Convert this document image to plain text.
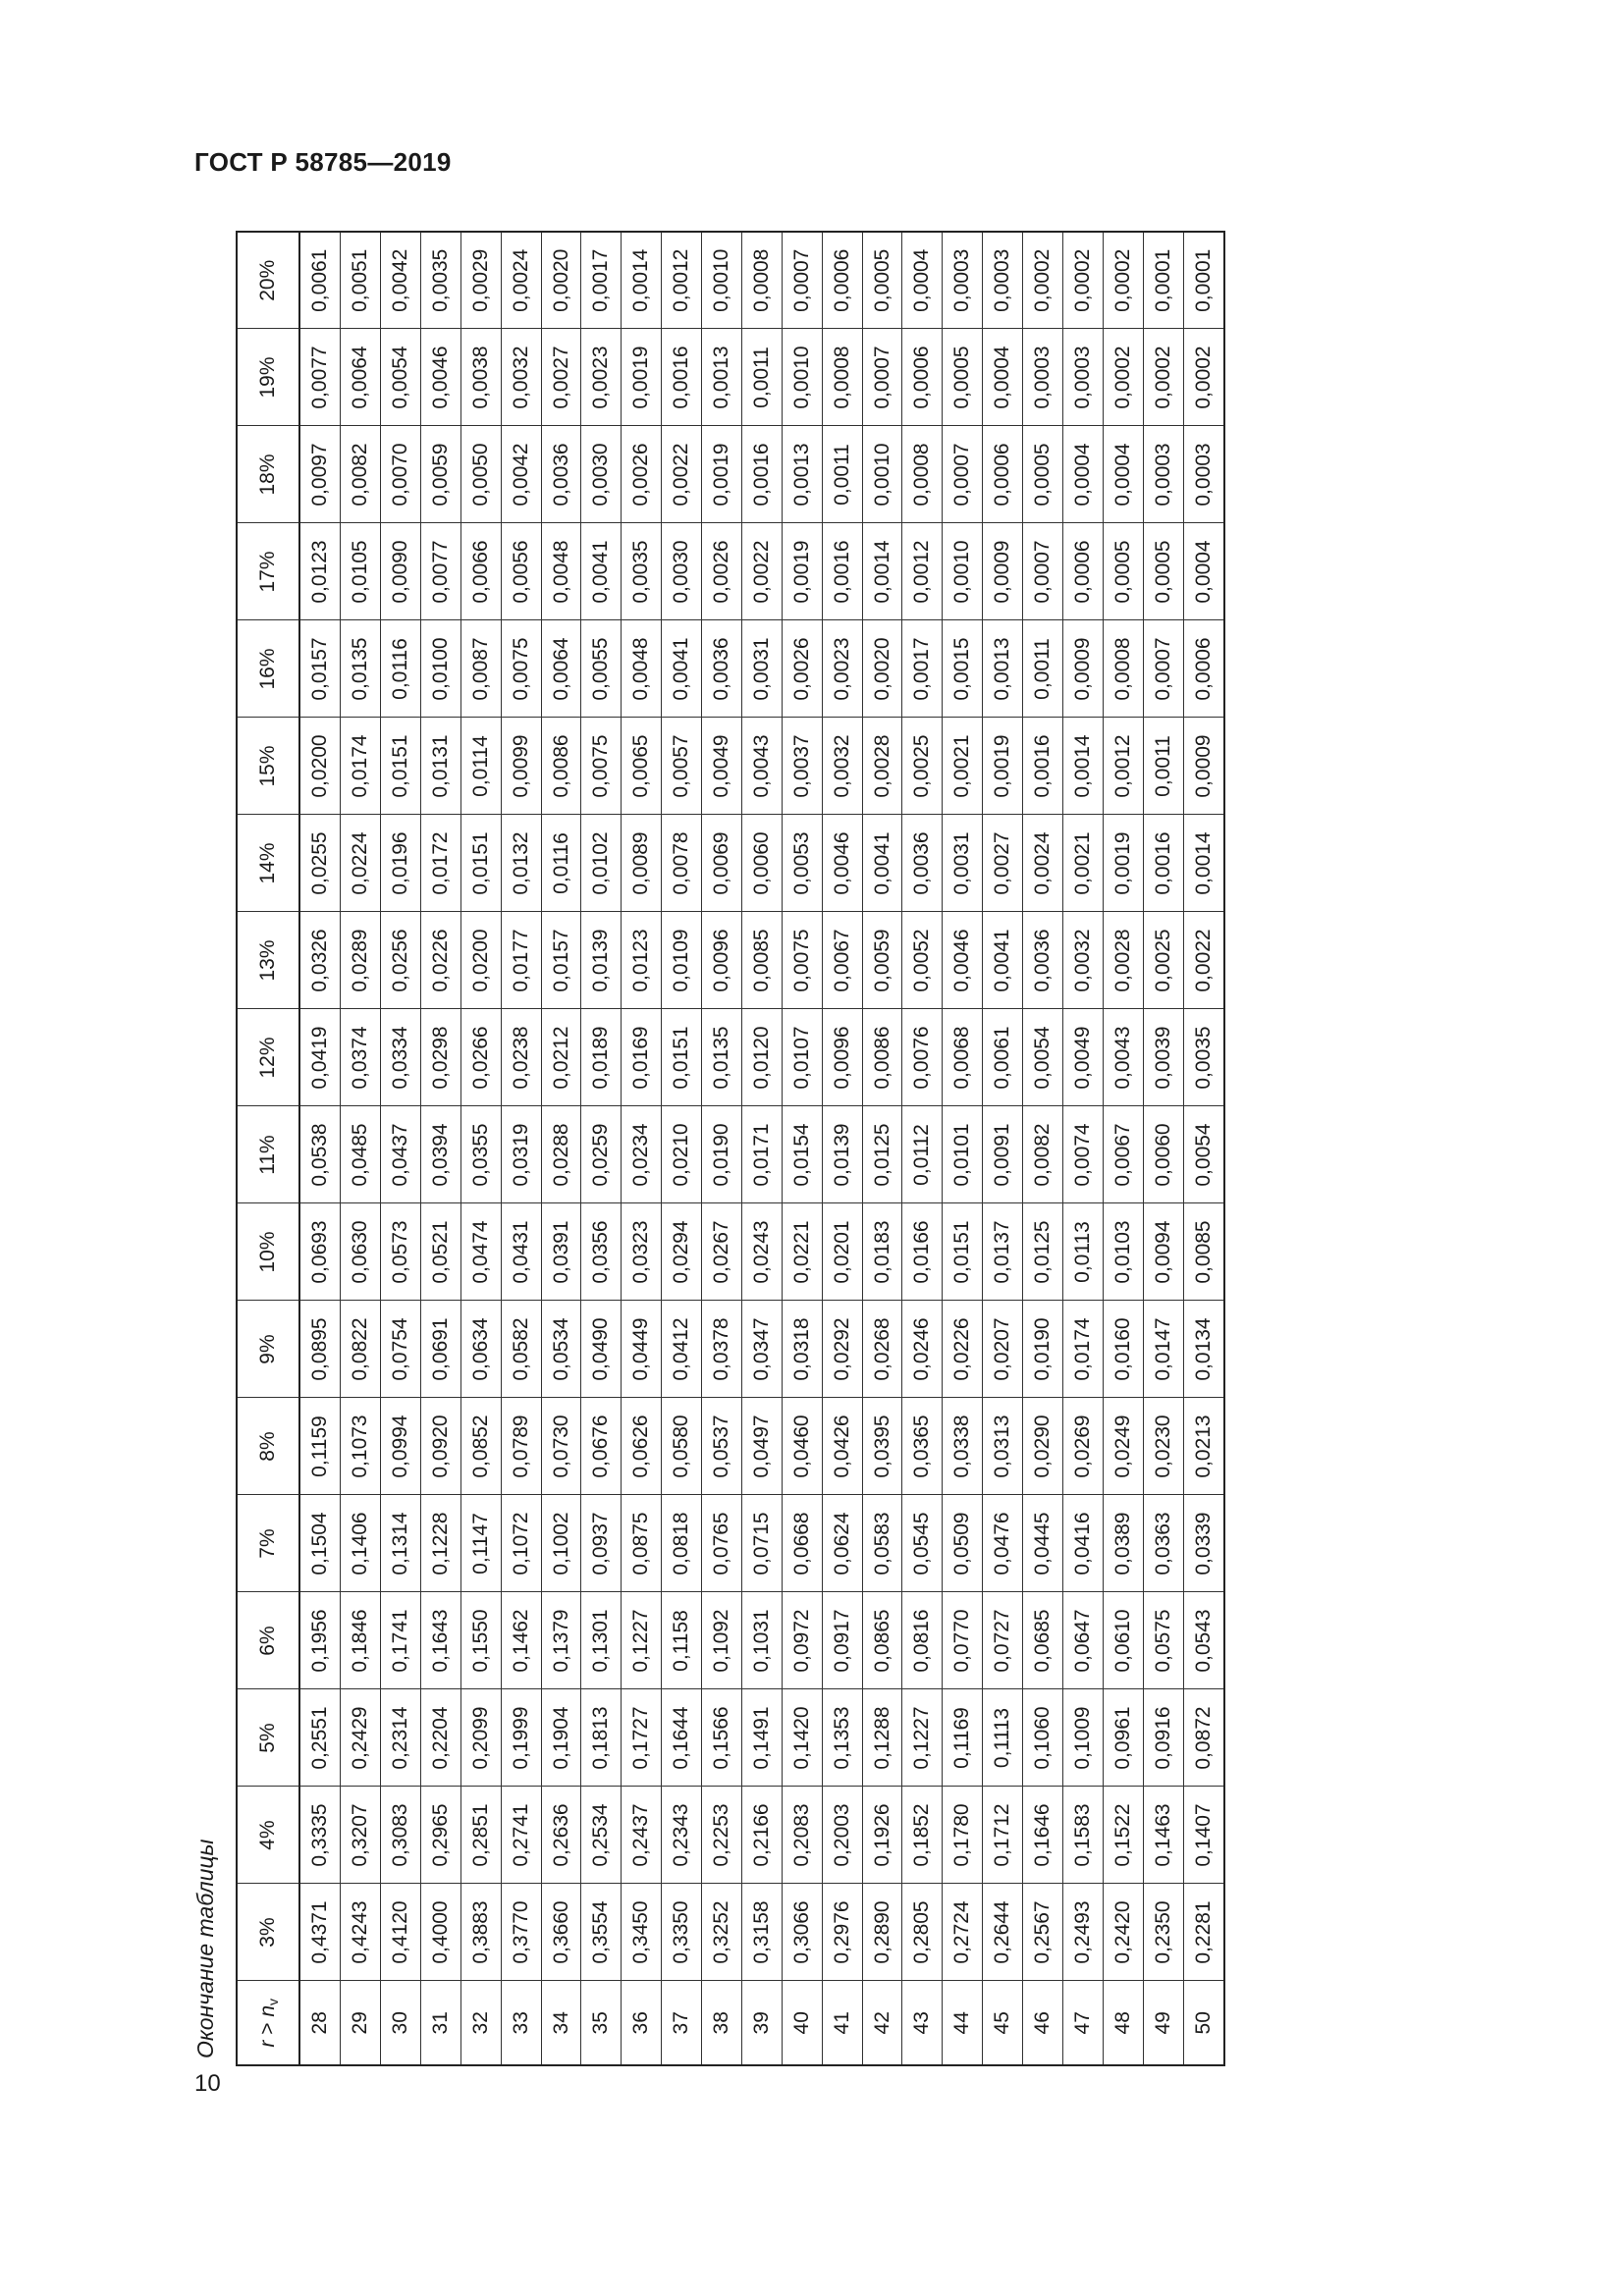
ГОСТ Р 58785—2019
Окончание таблицы	$r > n_v$	3%	4%	5%	6%	7%	8%	9%	10%	11%	12%	13%	14%	15%	16%	17%	18%	19%	20%
28	0,4371	0,3335	0,2551	0,1956	0,1504	0,1159	0,0895	0,0693	0,0538	0,0419	0,0326	0,0255	0,0200	0,0157	0,0123	0,0097	0,0077	0,0061
29	0,4243	0,3207	0,2429	0,1846	0,1406	0,1073	0,0822	0,0630	0,0485	0,0374	0,0289	0,0224	0,0174	0,0135	0,0105	0,0082	0,0064	0,0051
30	0,4120	0,3083	0,2314	0,1741	0,1314	0,0994	0,0754	0,0573	0,0437	0,0334	0,0256	0,0196	0,0151	0,0116	0,0090	0,0070	0,0054	0,0042
31	0,4000	0,2965	0,2204	0,1643	0,1228	0,0920	0,0691	0,0521	0,0394	0,0298	0,0226	0,0172	0,0131	0,0100	0,0077	0,0059	0,0046	0,0035
32	0,3883	0,2851	0,2099	0,1550	0,1147	0,0852	0,0634	0,0474	0,0355	0,0266	0,0200	0,0151	0,0114	0,0087	0,0066	0,0050	0,0038	0,0029
33	0,3770	0,2741	0,1999	0,1462	0,1072	0,0789	0,0582	0,0431	0,0319	0,0238	0,0177	0,0132	0,0099	0,0075	0,0056	0,0042	0,0032	0,0024
34	0,3660	0,2636	0,1904	0,1379	0,1002	0,0730	0,0534	0,0391	0,0288	0,0212	0,0157	0,0116	0,0086	0,0064	0,0048	0,0036	0,0027	0,0020
35	0,3554	0,2534	0,1813	0,1301	0,0937	0,0676	0,0490	0,0356	0,0259	0,0189	0,0139	0,0102	0,0075	0,0055	0,0041	0,0030	0,0023	0,0017
36	0,3450	0,2437	0,1727	0,1227	0,0875	0,0626	0,0449	0,0323	0,0234	0,0169	0,0123	0,0089	0,0065	0,0048	0,0035	0,0026	0,0019	0,0014
37	0,3350	0,2343	0,1644	0,1158	0,0818	0,0580	0,0412	0,0294	0,0210	0,0151	0,0109	0,0078	0,0057	0,0041	0,0030	0,0022	0,0016	0,0012
38	0,3252	0,2253	0,1566	0,1092	0,0765	0,0537	0,0378	0,0267	0,0190	0,0135	0,0096	0,0069	0,0049	0,0036	0,0026	0,0019	0,0013	0,0010
39	0,3158	0,2166	0,1491	0,1031	0,0715	0,0497	0,0347	0,0243	0,0171	0,0120	0,0085	0,0060	0,0043	0,0031	0,0022	0,0016	0,0011	0,0008
40	0,3066	0,2083	0,1420	0,0972	0,0668	0,0460	0,0318	0,0221	0,0154	0,0107	0,0075	0,0053	0,0037	0,0026	0,0019	0,0013	0,0010	0,0007
41	0,2976	0,2003	0,1353	0,0917	0,0624	0,0426	0,0292	0,0201	0,0139	0,0096	0,0067	0,0046	0,0032	0,0023	0,0016	0,0011	0,0008	0,0006
42	0,2890	0,1926	0,1288	0,0865	0,0583	0,0395	0,0268	0,0183	0,0125	0,0086	0,0059	0,0041	0,0028	0,0020	0,0014	0,0010	0,0007	0,0005
43	0,2805	0,1852	0,1227	0,0816	0,0545	0,0365	0,0246	0,0166	0,0112	0,0076	0,0052	0,0036	0,0025	0,0017	0,0012	0,0008	0,0006	0,0004
44	0,2724	0,1780	0,1169	0,0770	0,0509	0,0338	0,0226	0,0151	0,0101	0,0068	0,0046	0,0031	0,0021	0,0015	0,0010	0,0007	0,0005	0,0003
45	0,2644	0,1712	0,1113	0,0727	0,0476	0,0313	0,0207	0,0137	0,0091	0,0061	0,0041	0,0027	0,0019	0,0013	0,0009	0,0006	0,0004	0,0003
46	0,2567	0,1646	0,1060	0,0685	0,0445	0,0290	0,0190	0,0125	0,0082	0,0054	0,0036	0,0024	0,0016	0,0011	0,0007	0,0005	0,0003	0,0002
47	0,2493	0,1583	0,1009	0,0647	0,0416	0,0269	0,0174	0,0113	0,0074	0,0049	0,0032	0,0021	0,0014	0,0009	0,0006	0,0004	0,0003	0,0002
48	0,2420	0,1522	0,0961	0,0610	0,0389	0,0249	0,0160	0,0103	0,0067	0,0043	0,0028	0,0019	0,0012	0,0008	0,0005	0,0004	0,0002	0,0002
49	0,2350	0,1463	0,0916	0,0575	0,0363	0,0230	0,0147	0,0094	0,0060	0,0039	0,0025	0,0016	0,0011	0,0007	0,0005	0,0003	0,0002	0,0001
50	0,2281	0,1407	0,0872	0,0543	0,0339	0,0213	0,0134	0,0085	0,0054	0,0035	0,0022	0,0014	0,0009	0,0006	0,0004	0,0003	0,0002	0,0001
10
